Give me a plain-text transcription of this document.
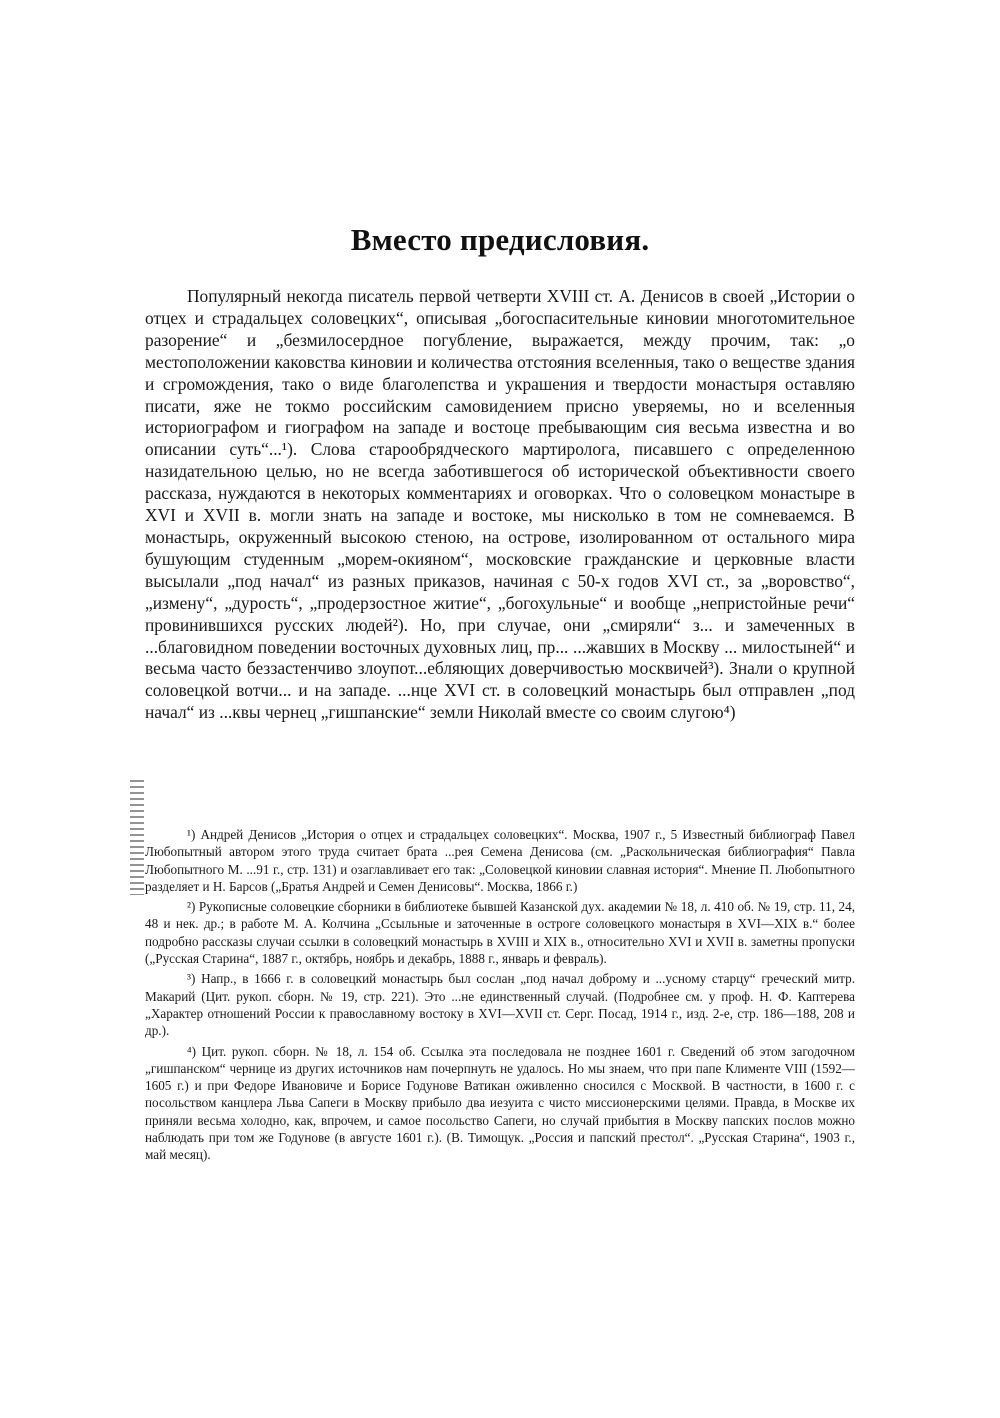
Вместо предисловия.

Популярный некогда писатель первой четверти XVIII ст. А. Денисов в своей „Истории о отцех и страдальцех соловецких“, описывая „богоспасительные киновии многотомительное разорение“ и „безмилосердное погубление, выражается, между прочим, так: „о местоположении каковства киновии и количества отстояния вселенныя, тако о веществе здания и сгромождения, тако о виде благолепства и украшения и твердости монастыря оставляю писати, яже не токмо российским самовидением присно уверяемы, но и вселенныя историографом и гиографом на западе и востоце пребывающим сия весьма известна и во описании суть“...¹). Слова старообрядческого мартиролога, писавшего с определенною назидательною целью, но не всегда заботившегося об исторической объективности своего рассказа, нуждаются в некоторых комментариях и оговорках. Что о соловецком монастыре в XVI и XVII в. могли знать на западе и востоке, мы нисколько в том не сомневаемся. В монастырь, окруженный высокою стеною, на острове, изолированном от остального мира бушующим студенным „морем-окияном“, московские гражданские и церковные власти высылали „под начал“ из разных приказов, начиная с 50-х годов XVI ст., за „воровство“, „измену“, „дурость“, „продерзостное житие“, „богохульные“ и вообще „непристойные речи“ провинившихся русских людей²). Но, при случае, они „смиряли“ з... и замеченных в ...благовидном поведении восточных духовных лиц, пр... ...жавших в Москву ... милостыней“ и весьма часто беззастенчиво злоупот...ебляющих доверчивостью москвичей³). Знали о крупной соловецкой вотчи... и на западе. ...нце XVI ст. в соловецкий монастырь был отправлен „под начал“ из ...квы чернец „гишпанские“ земли Николай вместе со своим слугою⁴)

¹) Андрей Денисов „История о отцех и страдальцех соловецких“. Москва, 1907 г., 5 Известный библиограф Павел Любопытный автором этого труда считает брата ...рея Семена Денисова (см. „Раскольническая библиография“ Павла Любопытного М. ...91 г., стр. 131) и озаглавливает его так: „Соловецкой киновии славная история“. Мнение П. Любопытного разделяет и Н. Барсов („Братья Андрей и Семен Денисовы“. Москва, 1866 г.)

²) Рукописные соловецкие сборники в библиотеке бывшей Казанской дух. академии № 18, л. 410 об. № 19, стр. 11, 24, 48 и нек. др.; в работе М. А. Колчина „Ссыльные и заточенные в остроге соловецкого монастыря в XVI—XIX в.“ более подробно рассказы случаи ссылки в соловецкий монастырь в XVIII и XIX в., относительно XVI и XVII в. заметны пропуски („Русская Старина“, 1887 г., октябрь, ноябрь и декабрь, 1888 г., январь и февраль).

³) Напр., в 1666 г. в соловецкий монастырь был сослан „под начал доброму и ...усному старцу“ греческий митр. Макарий (Цит. рукоп. сборн. № 19, стр. 221). Это ...не единственный случай. (Подробнее см. у проф. Н. Ф. Каптерева „Характер отношений России к православному востоку в XVI—XVII ст. Серг. Посад, 1914 г., изд. 2-е, стр. 186—188, 208 и др.).

⁴) Цит. рукоп. сборн. № 18, л. 154 об. Ссылка эта последовала не позднее 1601 г. Сведений об этом загодочном „гишпанском“ чернице из других источников нам почерпнуть не удалось. Но мы знаем, что при папе Клименте VIII (1592—1605 г.) и при Федоре Ивановиче и Борисе Годунове Ватикан оживленно сносился с Москвой. В частности, в 1600 г. с посольством канцлера Льва Сапеги в Москву прибыло два иезуита с чисто миссионерскими целями. Правда, в Москве их приняли весьма холодно, как, впрочем, и самое посольство Сапеги, но случай прибытия в Москву папских послов можно наблюдать при том же Годунове (в августе 1601 г.). (В. Тимощук. „Россия и папский престол“. „Русская Старина“, 1903 г., май месяц).
